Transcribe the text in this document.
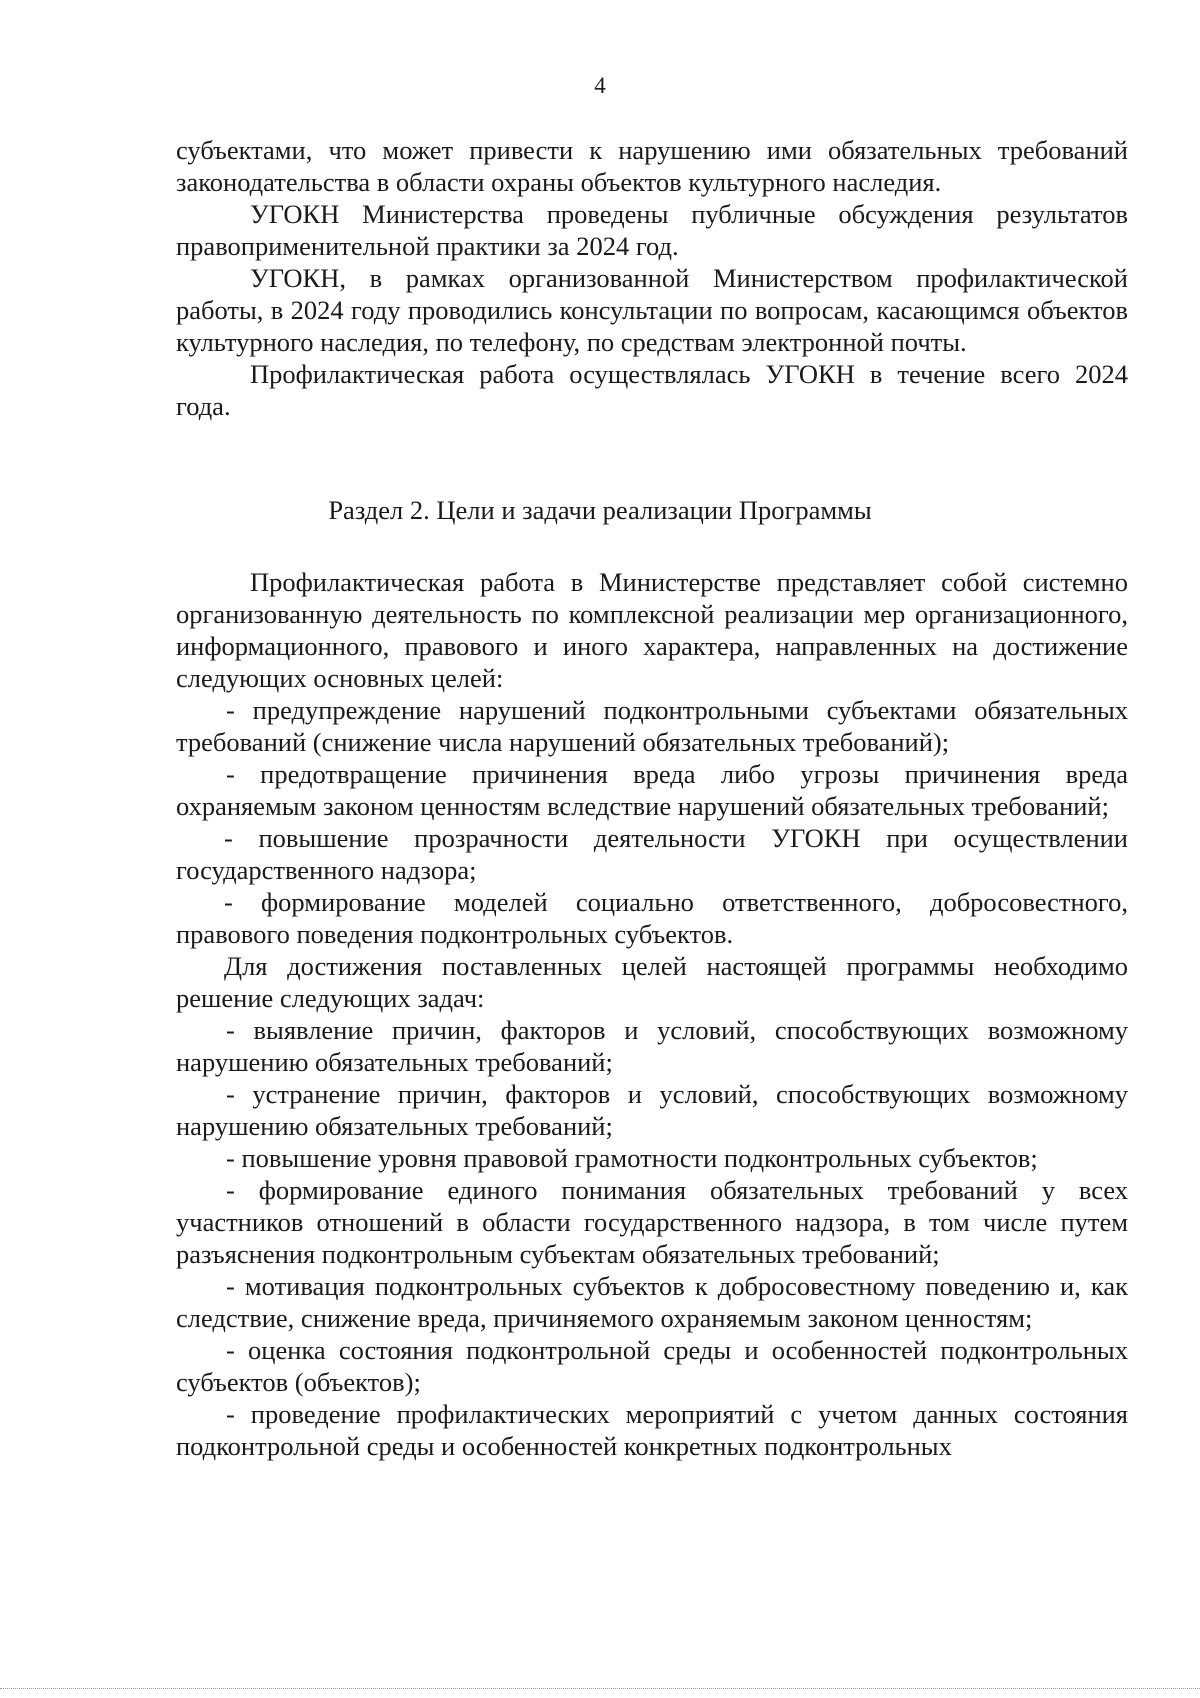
4

субъектами, что может привести к нарушению ими обязательных требований законодательства в области охраны объектов культурного наследия.

УГОКН Министерства проведены публичные обсуждения результатов правоприменительной практики за 2024 год.

УГОКН, в рамках организованной Министерством профилактической работы, в 2024 году проводились консультации по вопросам, касающимся объектов культурного наследия, по телефону, по средствам электронной почты.

Профилактическая работа осуществлялась УГОКН в течение всего 2024 года.

Раздел 2. Цели и задачи реализации Программы

Профилактическая работа в Министерстве представляет собой системно организованную деятельность по комплексной реализации мер организационного, информационного, правового и иного характера, направленных на достижение следующих основных целей:

- предупреждение нарушений подконтрольными субъектами обязательных требований (снижение числа нарушений обязательных требований);

- предотвращение причинения вреда либо угрозы причинения вреда охраняемым законом ценностям вследствие нарушений обязательных требований;

- повышение прозрачности деятельности УГОКН при осуществлении государственного надзора;

- формирование моделей социально ответственного, добросовестного, правового поведения подконтрольных субъектов.

Для достижения поставленных целей настоящей программы необходимо решение следующих задач:

- выявление причин, факторов и условий, способствующих возможному нарушению обязательных требований;

- устранение причин, факторов и условий, способствующих возможному нарушению обязательных требований;

- повышение уровня правовой грамотности подконтрольных субъектов;

- формирование единого понимания обязательных требований у всех участников отношений в области государственного надзора, в том числе путем разъяснения подконтрольным субъектам обязательных требований;

- мотивация подконтрольных субъектов к добросовестному поведению и, как следствие, снижение вреда, причиняемого охраняемым законом ценностям;

- оценка состояния подконтрольной среды и особенностей подконтрольных субъектов (объектов);

- проведение профилактических мероприятий с учетом данных состояния подконтрольной среды и особенностей конкретных подконтрольных
